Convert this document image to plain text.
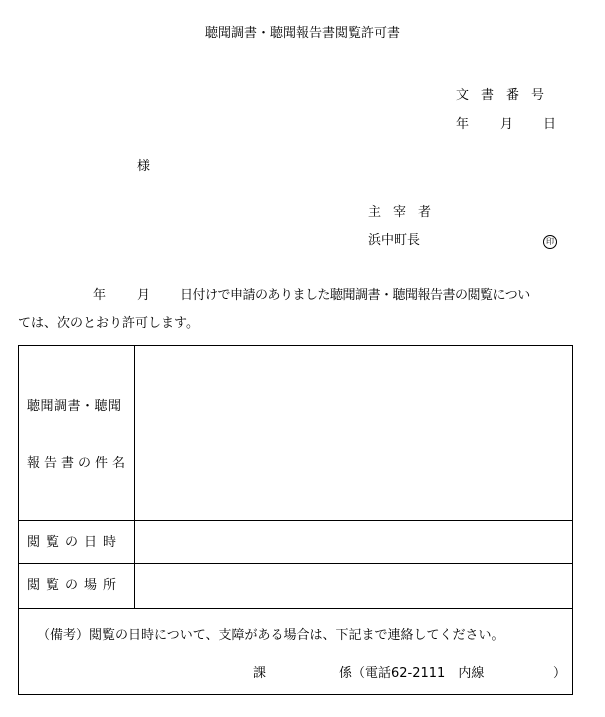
聴聞調書・聴聞報告書閲覧許可書
文書番号
年 月 日
様
主宰者
浜中町長	印
年 月 日付けで申請のありました聴聞調書・聴聞報告書の閲覧につい
ては、次のとおり許可します。
聴聞調書・聴聞
報告書の件名
閲覧の日時
閲覧の場所
（備考）閲覧の日時について、支障がある場合は、下記まで連絡してください。
課	係（電話62-2111　内線	）
